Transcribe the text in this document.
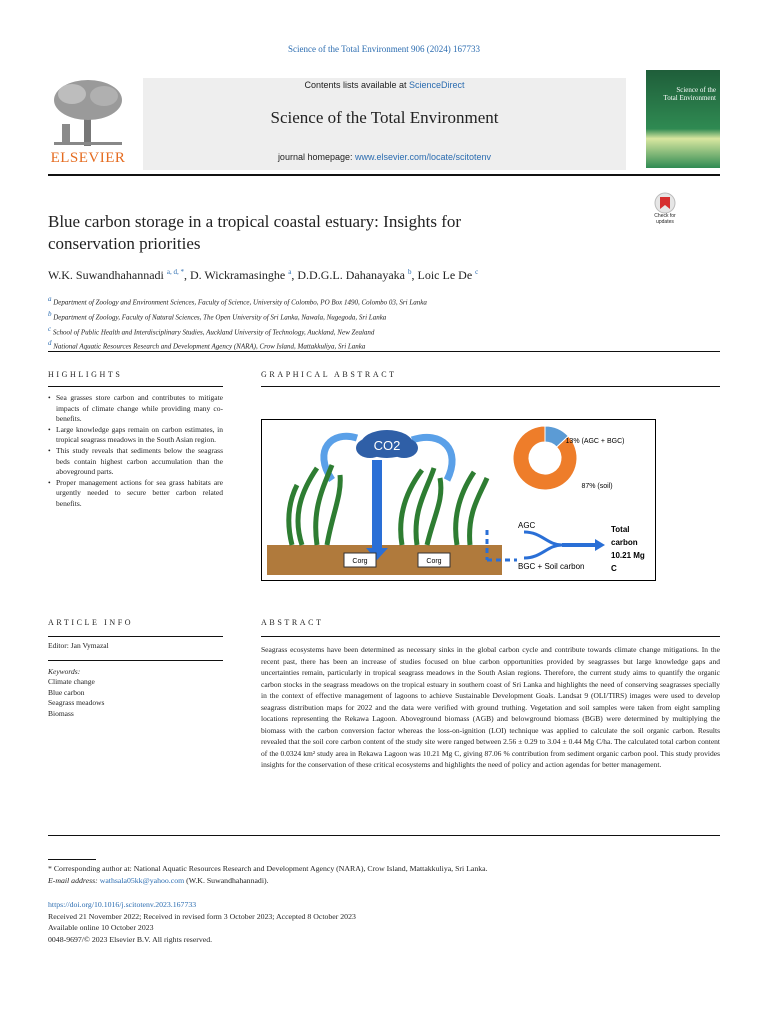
Science of the Total Environment 906 (2024) 167733
ELSEVIER
Contents lists available at ScienceDirect
Science of the Total Environment
journal homepage: www.elsevier.com/locate/scitotenv
Science of the
Total Environment
Blue carbon storage in a tropical coastal estuary: Insights for
conservation priorities
Check for updates
W.K. Suwandhahannadi $^{a, d, *}$, D. Wickramasinghe $^a$, D.D.G.L. Dahanayaka $^b$, Loic Le De $^c$
$^a$ Department of Zoology and Environment Sciences, Faculty of Science, University of Colombo, PO Box 1490, Colombo 03, Sri Lanka
$^b$ Department of Zoology, Faculty of Natural Sciences, The Open University of Sri Lanka, Nawala, Nugegoda, Sri Lanka
$^c$ School of Public Health and Interdisciplinary Studies, Auckland University of Technology, Auckland, New Zealand
$^d$ National Aquatic Resources Research and Development Agency (NARA), Crow Island, Mattakkuliya, Sri Lanka
HIGHLIGHTS
• Sea grasses store carbon and contributes to mitigate impacts of climate change while providing many co-benefits.
• Large knowledge gaps remain on carbon estimates, in tropical seagrass meadows in the South Asian region.
• This study reveals that sediments below the seagrass beds contain highest carbon accumulation than the aboveground parts.
• Proper management actions for sea grass habitats are urgently needed to secure better carbon related benefits.
GRAPHICAL ABSTRACT
CO2
Corg	Corg
13% (AGC + BGC)
87% (soil)
AGC
BGC + Soil carbon
Total
carbon
10.21 Mg
C
ARTICLE INFO
Editor: Jan Vymazal
Keywords:
Climate change
Blue carbon
Seagrass meadows
Biomass
ABSTRACT
Seagrass ecosystems have been determined as necessary sinks in the global carbon cycle and contribute towards climate change mitigations. In the recent past, there has been an increase of studies focused on blue carbon opportunities provided by seagrasses but large knowledge gaps and uncertainties remain, particularly in tropical seagrass meadows in the South Asian regions. Therefore, the current study aims to quantify the organic carbon stocks in the seagrass meadows on the tropical estuary in southern coast of Sri Lanka and highlights the need of conserving seagrasses specially in the context of effective management of lagoons to achieve Sustainable Development Goals. Landsat 9 (OLI/TIRS) images were used to develop seagrass distribution maps for 2022 and the data were verified with ground truthing. Vegetation and soil samples were taken from eight sampling locations representing the Rekawa Lagoon. Aboveground biomass (AGB) and belowground biomass (BGB) were determined by multiplying the biomass with the carbon conversion factor whereas the loss-on-ignition (LOI) technique was applied to calculate the soil organic carbon. Results revealed that the soil core carbon content of the study site were ranged between 2.56 ± 0.29 to 3.04 ± 0.44 Mg C/ha. The calculated total carbon content of the 0.0324 km² study area in Rekawa Lagoon was 10.21 Mg C, giving 87.06 % contribution from sediment organic carbon pool. This study provides insights for the conservation of these critical ecosystems and highlights the need of policy and action agendas for better management.
* Corresponding author at: National Aquatic Resources Research and Development Agency (NARA), Crow Island, Mattakkuliya, Sri Lanka.
E-mail address: wathsala05kk@yahoo.com (W.K. Suwandhahannadi).
https://doi.org/10.1016/j.scitotenv.2023.167733
Received 21 November 2022; Received in revised form 3 October 2023; Accepted 8 October 2023
Available online 10 October 2023
0048-9697/© 2023 Elsevier B.V. All rights reserved.
